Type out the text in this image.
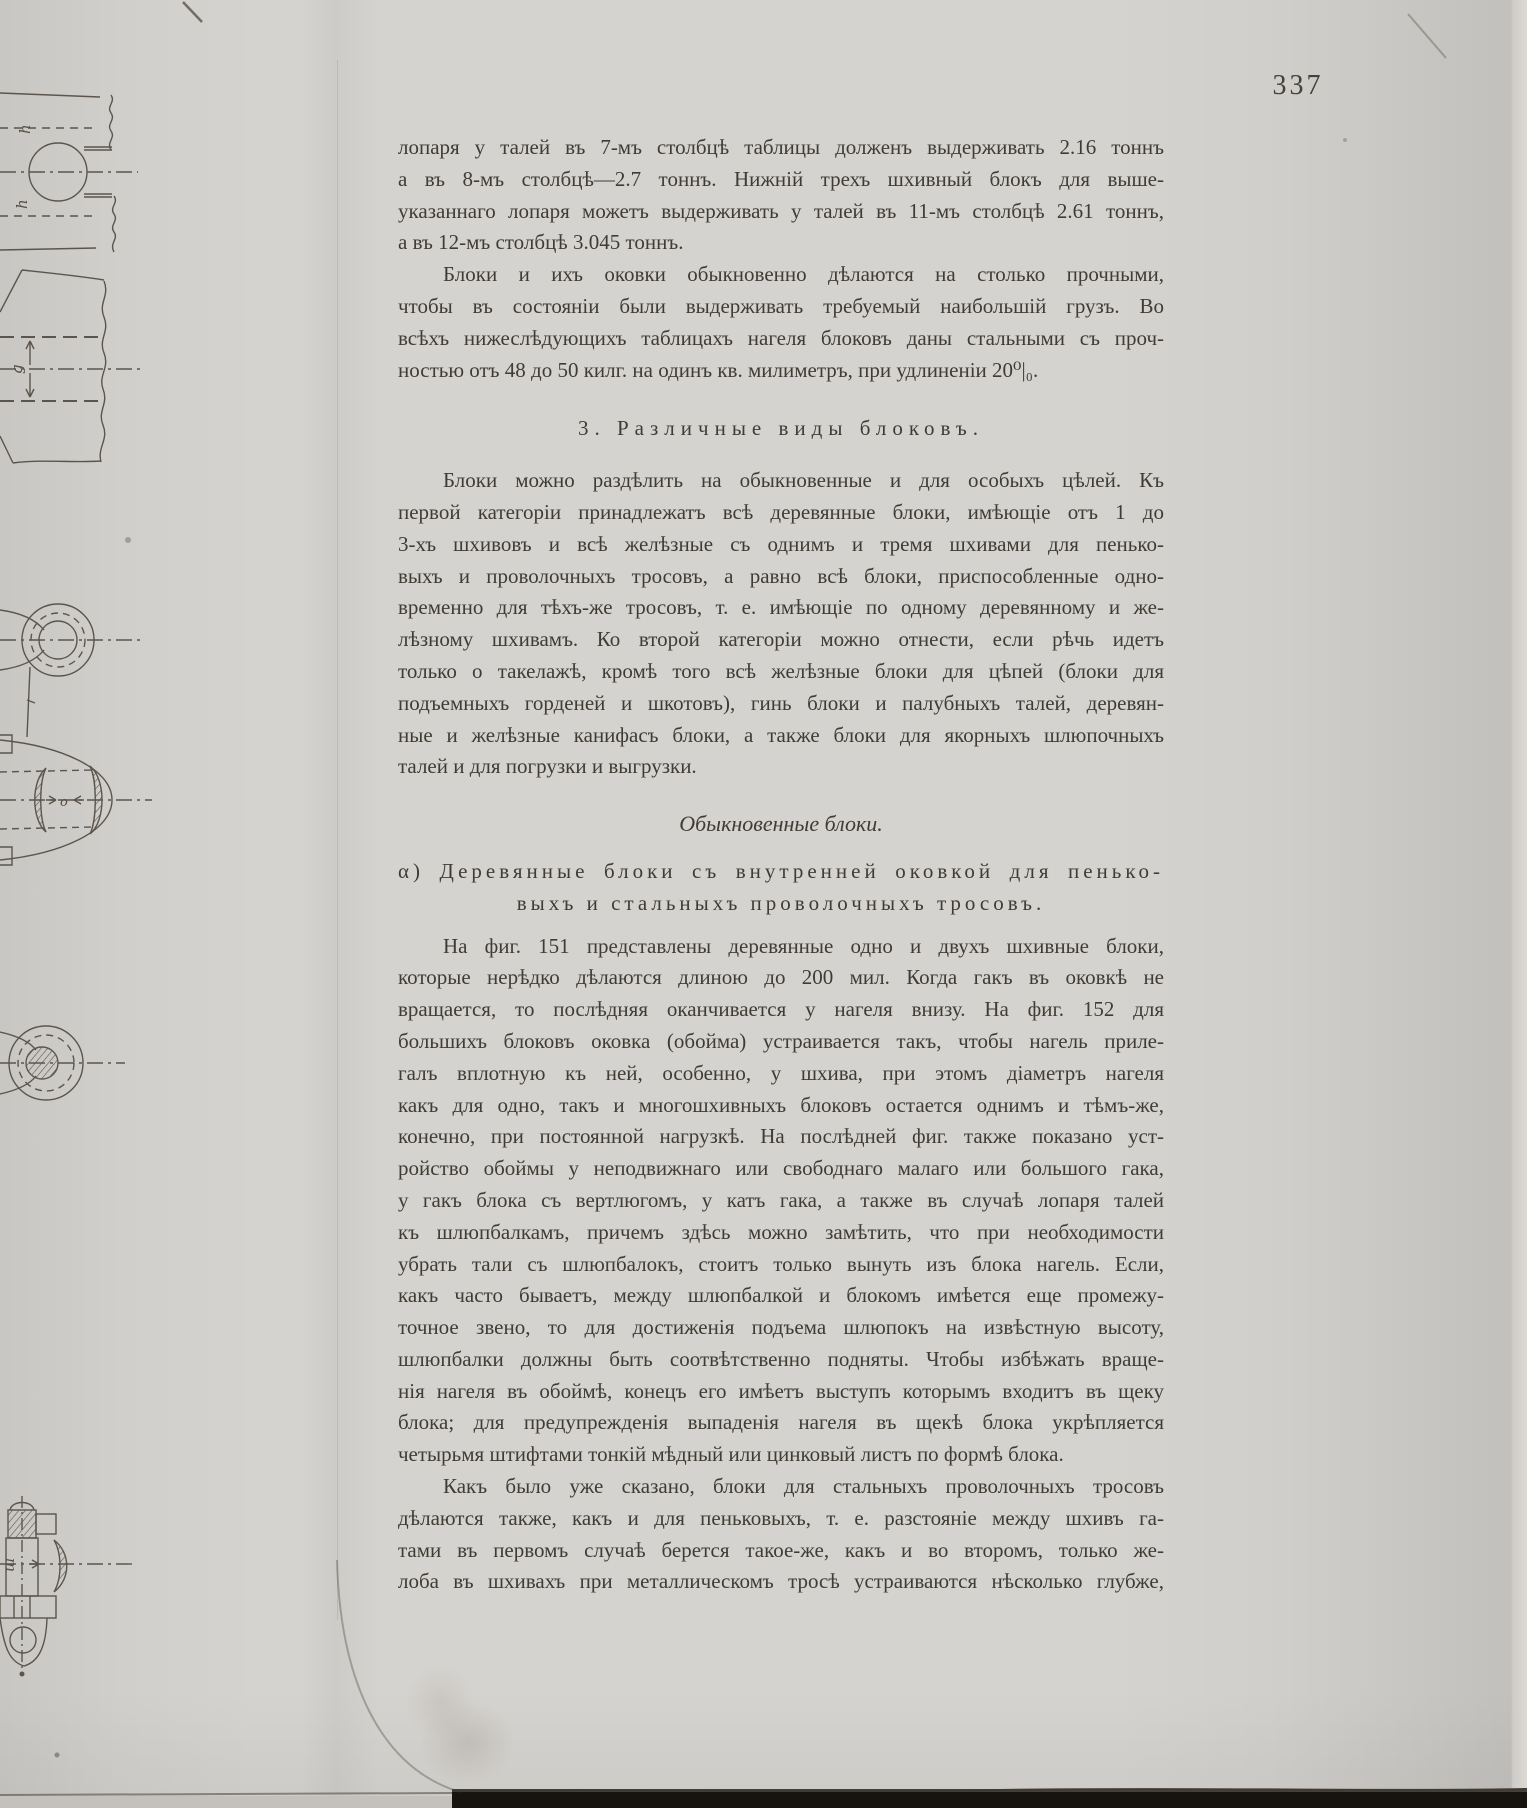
h
h
g
o
ш
337
лопаря у талей въ 7-мъ столбцѣ таблицы долженъ выдерживать 2.16 тоннъ
а въ 8-мъ столбцѣ—2.7 тоннъ. Нижній трехъ шхивный блокъ для выше-
указаннаго лопаря можетъ выдерживать у талей въ 11-мъ столбцѣ 2.61 тоннъ,
а въ 12-мъ столбцѣ 3.045 тоннъ.
Блоки и ихъ оковки обыкновенно дѣлаются на столько прочными,
чтобы въ состояніи были выдерживать требуемый наибольшій грузъ. Во
всѣхъ нижеслѣдующихъ таблицахъ нагеля блоковъ даны стальными съ проч-
ностью отъ 48 до 50 килг. на одинъ кв. милиметръ, при удлиненіи 20⁰|₀.
3. Различные виды блоковъ.
Блоки можно раздѣлить на обыкновенные и для особыхъ цѣлей. Къ
первой категоріи принадлежатъ всѣ деревянные блоки, имѣющіе отъ 1 до
3-хъ шхивовъ и всѣ желѣзные съ однимъ и тремя шхивами для пенько-
выхъ и проволочныхъ тросовъ, а равно всѣ блоки, приспособленные одно-
временно для тѣхъ-же тросовъ, т. е. имѣющіе по одному деревянному и же-
лѣзному шхивамъ. Ко второй категоріи можно отнести, если рѣчь идетъ
только о такелажѣ, кромѣ того всѣ желѣзные блоки для цѣпей (блоки для
подъемныхъ горденей и шкотовъ), гинь блоки и палубныхъ талей, деревян-
ные и желѣзные канифасъ блоки, а также блоки для якорныхъ шлюпочныхъ
талей и для погрузки и выгрузки.
Обыкновенные блоки.
α) Деревянные блоки съ внутренней оковкой для пенько-
выхъ и стальныхъ проволочныхъ тросовъ.
На фиг. 151 представлены деревянные одно и двухъ шхивные блоки,
которые нерѣдко дѣлаются длиною до 200 мил. Когда гакъ въ оковкѣ не
вращается, то послѣдняя оканчивается у нагеля внизу. На фиг. 152 для
большихъ блоковъ оковка (обойма) устраивается такъ, чтобы нагель приле-
галъ вплотную къ ней, особенно, у шхива, при этомъ діаметръ нагеля
какъ для одно, такъ и многошхивныхъ блоковъ остается однимъ и тѣмъ-же,
конечно, при постоянной нагрузкѣ. На послѣдней фиг. также показано уст-
ройство обоймы у неподвижнаго или свободнаго малаго или большого гака,
у гакъ блока съ вертлюгомъ, у катъ гака, а также въ случаѣ лопаря талей
къ шлюпбалкамъ, причемъ здѣсь можно замѣтить, что при необходимости
убрать тали съ шлюпбалокъ, стоитъ только вынуть изъ блока нагель. Если,
какъ часто бываетъ, между шлюпбалкой и блокомъ имѣется еще промежу-
точное звено, то для достиженія подъема шлюпокъ на извѣстную высоту,
шлюпбалки должны быть соотвѣтственно подняты. Чтобы избѣжать враще-
нія нагеля въ обоймѣ, конецъ его имѣетъ выступъ которымъ входитъ въ щеку
блока; для предупрежденія выпаденія нагеля въ щекѣ блока укрѣпляется
четырьмя штифтами тонкій мѣдный или цинковый листъ по формѣ блока.
Какъ было уже сказано, блоки для стальныхъ проволочныхъ тросовъ
дѣлаются также, какъ и для пеньковыхъ, т. е. разстояніе между шхивъ га-
тами въ первомъ случаѣ берется такое-же, какъ и во второмъ, только же-
лоба въ шхивахъ при металлическомъ тросѣ устраиваются нѣсколько глубже,
